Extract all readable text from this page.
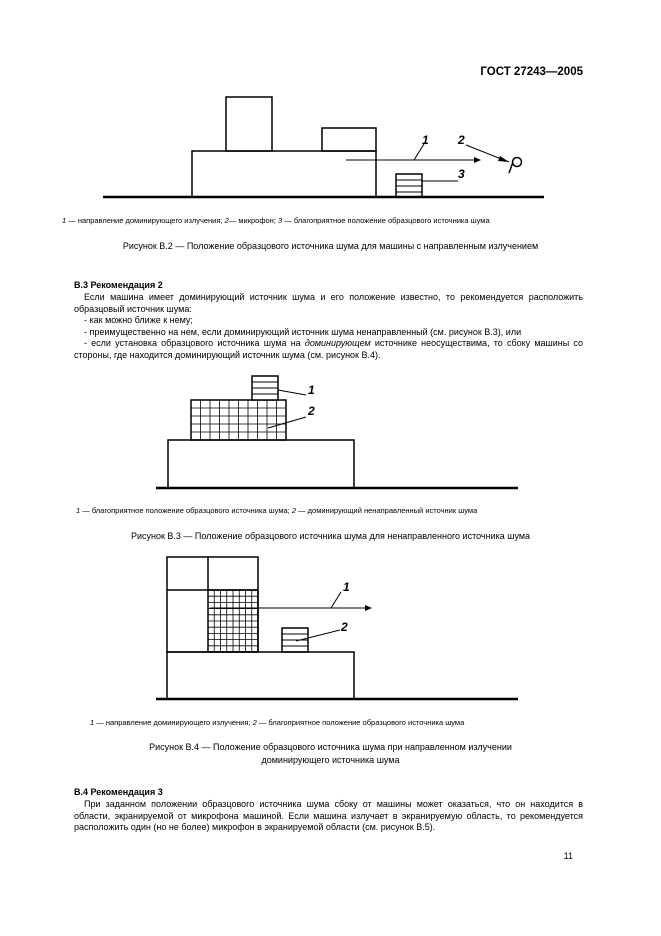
ГОСТ 27243—2005
1 2
3
1 — направление доминирующего излучения; 2— микрофон; 3 — благоприятное положение образцового источника шума
Рисунок В.2 — Положение образцового источника шума для машины с направленным излучением
В.3 Рекомендация 2

Если машина имеет доминирующий источник шума и его положение известно, то рекомендуется расположить образцовый источник шума:

- как можно ближе к нему;

- преимущественно на нем, если доминирующий источник шума ненаправленный (см. рисунок В.3), или

- если установка образцового источника шума на доминирующем источнике неосуществима, то сбоку машины со стороны, где находится доминирующий источник шума (см. рисунок В.4).

1
2
1 — благоприятное положение образцового источника шума; 2 — доминирующий ненаправленный источник шума
Рисунок В.3 — Положение образцового источника шума для ненаправленного источника шума
1
2
1 — направление доминирующего излучения; 2 — благоприятное положение образцового источника шума
Рисунок В.4 — Положение образцового источника шума при направленном излучении
доминирующего источника шума
В.4 Рекомендация 3

При заданном положении образцового источника шума сбоку от машины может оказаться, что он находится в области, экранируемой от микрофона машиной. Если машина излучает в экранируемую область, то рекомендуется расположить один (но не более) микрофон в экранируемой области (см. рисунок В.5).

11
